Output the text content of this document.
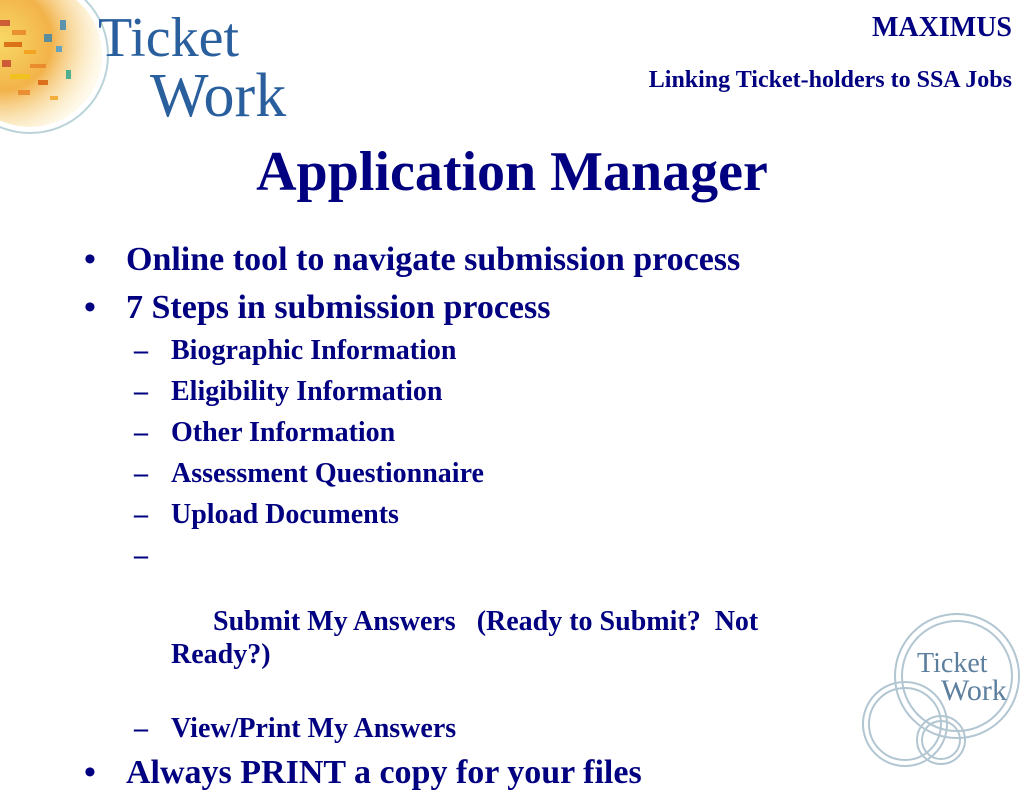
Ticket
Work
MAXIMUS
Linking Ticket-holders to SSA Jobs
Application Manager
• Online tool to navigate submission process
• 7 Steps in submission process
– Biographic Information
– Eligibility Information
– Other Information
– Assessment Questionnaire
– Upload Documents

–

Submit My Answers   (Ready to Submit?  Not Ready?)

– View/Print My Answers
• Always PRINT a copy for your files
Ticket
Work
